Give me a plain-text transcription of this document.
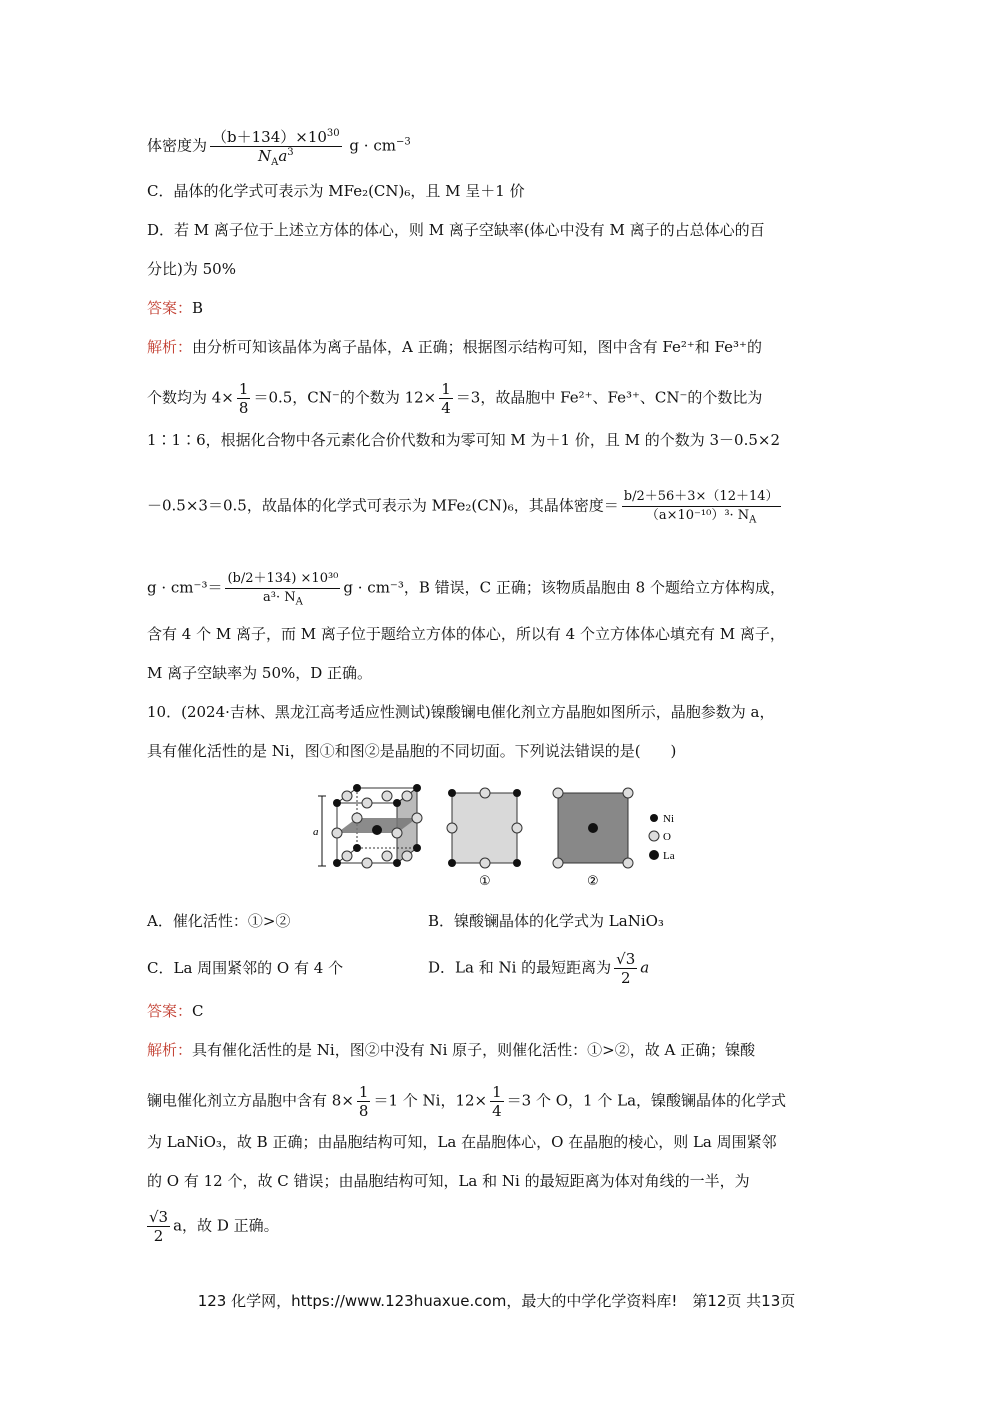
体密度为 $\frac{(b+134)\times 10^{30}}{N_Aa^3}$ $g \cdot cm^{-3}$
C．晶体的化学式可表示为 MFe₂(CN)₆，且 M 呈＋1 价
D．若 M 离子位于上述立方体的体心，则 M 离子空缺率(体心中没有 M 离子的占总体心的百
分比)为 50%
答案：B
解析：由分析可知该晶体为离子晶体，A 正确；根据图示结构可知，图中含有 Fe²⁺和 Fe³⁺的
个数均为 $4\times \frac{1}{8} =0.5$，CN⁻的个数为 $12\times \frac{1}{4} =3$，故晶胞中 Fe²⁺、Fe³⁺、CN⁻的个数比为
1∶1∶6，根据化合物中各元素化合价代数和为零可知 M 为＋1 价，且 M 的个数为 3－0.5×2
－0.5×3＝0.5，故晶体的化学式可表示为 MFe₂(CN)₆，其晶体密度＝ $\frac{b/2+56+3\times(12+14)}{(a\times 10^{-10})^3\cdot N_A}$
$g \cdot cm^{-3}= \frac{\text{(b/2＋134) ×10³⁰}}{a^3\cdot N_A}$ g · cm⁻³，B 错误，C 正确；该物质晶胞由 8 个题给立方体构成，
含有 4 个 M 离子，而 M 离子位于题给立方体的体心，所以有 4 个立方体体心填充有 M 离子，
M 离子空缺率为 50%，D 正确。
10．(2024·吉林、黑龙江高考适应性测试)镍酸镧电催化剂立方晶胞如图所示，晶胞参数为 a，
具有催化活性的是 Ni，图①和图②是晶胞的不同切面。下列说法错误的是(　　)
a
①	②
Ni
O
La
A．催化活性：①>②	B．镍酸镧晶体的化学式为 LaNiO₃
C．La 周围紧邻的 O 有 4 个	D．La 和 Ni 的最短距离为 $\frac{√3}{2}$ a
答案：C
解析：具有催化活性的是 Ni，图②中没有 Ni 原子，则催化活性：①>②，故 A 正确；镍酸
镧电催化剂立方晶胞中含有 $8\times \frac{1}{8} =1$ 个 Ni，$12\times \frac{1}{4} =3$ 个 O，1 个 La，镍酸镧晶体的化学式
为 LaNiO₃，故 B 正确；由晶胞结构可知，La 在晶胞体心，O 在晶胞的棱心，则 La 周围紧邻
的 O 有 12 个，故 C 错误；由晶胞结构可知，La 和 Ni 的最短距离为体对角线的一半，为
$\frac{√3}{2}$ a，故 D 正确。
123 化学网，https://www.123huaxue.com，最大的中学化学资料库!　第12页 共13页
